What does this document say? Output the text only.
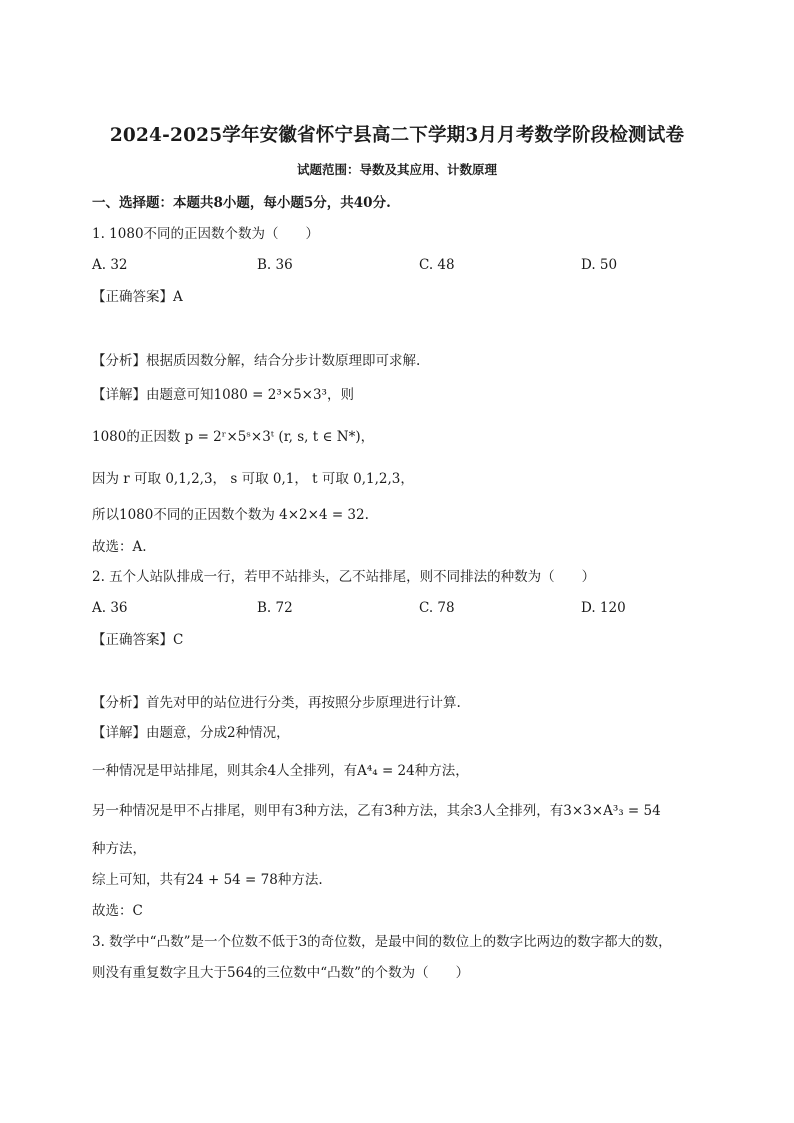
2024-2025学年安徽省怀宁县高二下学期3月月考数学阶段检测试卷
试题范围：导数及其应用、计数原理
一、选择题：本题共8小题，每小题5分，共40分.
1. 1080不同的正因数个数为（　　）
A. 32	B. 36	C. 48	D. 50
【正确答案】A
【分析】根据质因数分解，结合分步计数原理即可求解.
【详解】由题意可知1080 = 2³×5×3³，则
1080的正因数 p = 2ʳ×5ˢ×3ᵗ (r, s, t ∈ N*)，
因为 r 可取 0,1,2,3， s 可取 0,1， t 可取 0,1,2,3，
所以1080不同的正因数个数为 4×2×4 = 32.
故选：A.
2. 五个人站队排成一行，若甲不站排头，乙不站排尾，则不同排法的种数为（　　）
A. 36	B. 72	C. 78	D. 120
【正确答案】C
【分析】首先对甲的站位进行分类，再按照分步原理进行计算.
【详解】由题意，分成2种情况，
一种情况是甲站排尾，则其余4人全排列，有A⁴₄ = 24种方法，
另一种情况是甲不占排尾，则甲有3种方法，乙有3种方法，其余3人全排列，有3×3×A³₃ = 54
种方法，
综上可知，共有24 + 54 = 78种方法.
故选：C
3. 数学中“凸数”是一个位数不低于3的奇位数，是最中间的数位上的数字比两边的数字都大的数，
则没有重复数字且大于564的三位数中“凸数”的个数为（　　）
